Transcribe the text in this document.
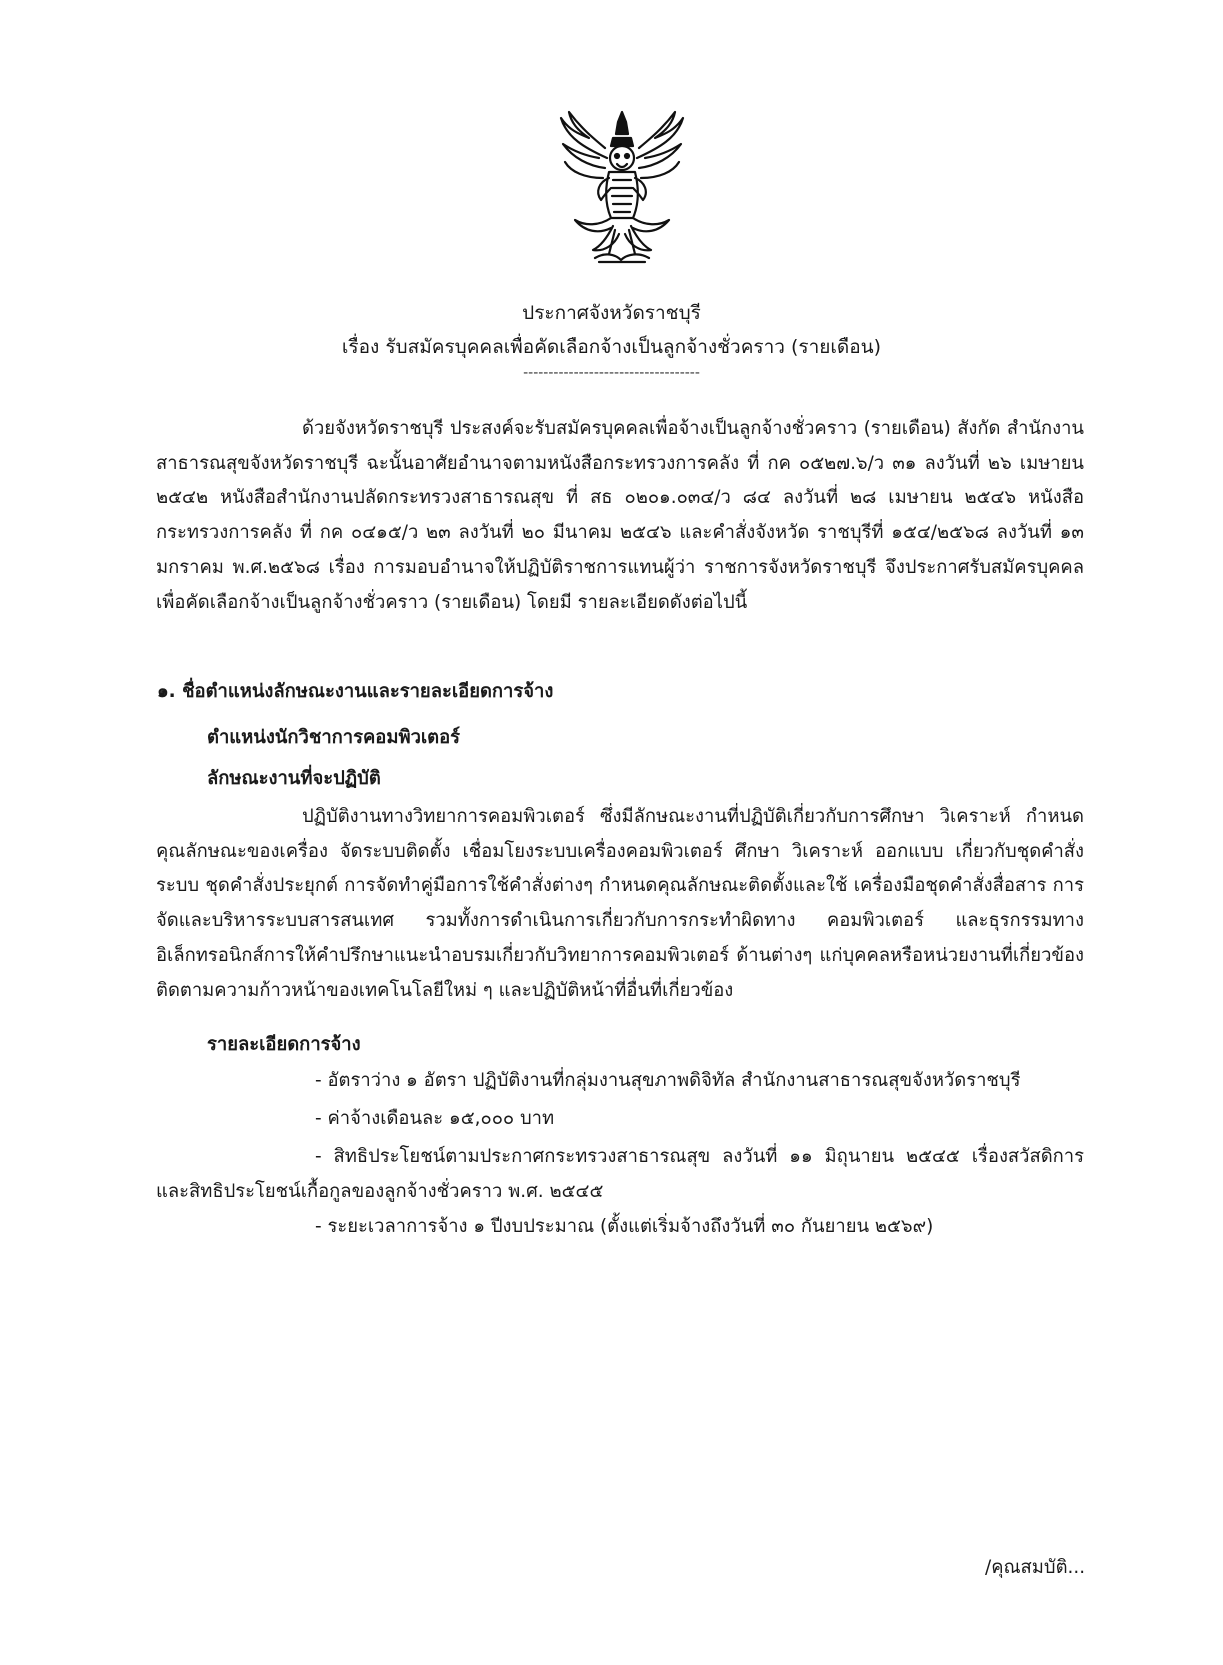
ประกาศจังหวัดราชบุรี
เรื่อง รับสมัครบุคคลเพื่อคัดเลือกจ้างเป็นลูกจ้างชั่วคราว (รายเดือน)
-----------------------------------

ด้วยจังหวัดราชบุรี ประสงค์จะรับสมัครบุคคลเพื่อจ้างเป็นลูกจ้างชั่วคราว (รายเดือน) สังกัด สำนักงานสาธารณสุขจังหวัดราชบุรี ฉะนั้นอาศัยอำนาจตามหนังสือกระทรวงการคลัง ที่ กค ๐๕๒๗.๖/ว ๓๑ ลงวันที่ ๒๖ เมษายน ๒๕๔๒ หนังสือสำนักงานปลัดกระทรวงสาธารณสุข ที่ สธ ๐๒๐๑.๐๓๔/ว ๘๔ ลงวันที่ ๒๘ เมษายน ๒๕๔๖ หนังสือกระทรวงการคลัง ที่ กค ๐๔๑๕/ว ๒๓ ลงวันที่ ๒๐ มีนาคม ๒๕๔๖ และคำสั่งจังหวัด ราชบุรีที่ ๑๕๔/๒๕๖๘ ลงวันที่ ๑๓ มกราคม พ.ศ.๒๕๖๘ เรื่อง การมอบอำนาจให้ปฏิบัติราชการแทนผู้ว่า ราชการจังหวัดราชบุรี จึงประกาศรับสมัครบุคคลเพื่อคัดเลือกจ้างเป็นลูกจ้างชั่วคราว (รายเดือน) โดยมี รายละเอียดดังต่อไปนี้

๑. ชื่อตำแหน่งลักษณะงานและรายละเอียดการจ้าง
ตำแหน่งนักวิชาการคอมพิวเตอร์
ลักษณะงานที่จะปฏิบัติ

ปฏิบัติงานทางวิทยาการคอมพิวเตอร์ ซึ่งมีลักษณะงานที่ปฏิบัติเกี่ยวกับการศึกษา วิเคราะห์ กำหนดคุณลักษณะของเครื่อง จัดระบบติดตั้ง เชื่อมโยงระบบเครื่องคอมพิวเตอร์ ศึกษา วิเคราะห์ ออกแบบ เกี่ยวกับชุดคำสั่งระบบ ชุดคำสั่งประยุกต์ การจัดทำคู่มือการใช้คำสั่งต่างๆ กำหนดคุณลักษณะติดตั้งและใช้ เครื่องมือชุดคำสั่งสื่อสาร การจัดและบริหารระบบสารสนเทศ รวมทั้งการดำเนินการเกี่ยวกับการกระทำผิดทาง คอมพิวเตอร์ และธุรกรรมทางอิเล็กทรอนิกส์การให้คำปรึกษาแนะนำอบรมเกี่ยวกับวิทยาการคอมพิวเตอร์ ด้านต่างๆ แก่บุคคลหรือหน่วยงานที่เกี่ยวข้อง ติดตามความก้าวหน้าของเทคโนโลยีใหม่ ๆ และปฏิบัติหน้าที่อื่นที่เกี่ยวข้อง

รายละเอียดการจ้าง

- อัตราว่าง ๑ อัตรา ปฏิบัติงานที่กลุ่มงานสุขภาพดิจิทัล สำนักงานสาธารณสุขจังหวัดราชบุรี

- ค่าจ้างเดือนละ ๑๕,๐๐๐ บาท

- สิทธิประโยชน์ตามประกาศกระทรวงสาธารณสุข ลงวันที่ ๑๑ มิถุนายน ๒๕๔๕ เรื่องสวัสดิการ และสิทธิประโยชน์เกื้อกูลของลูกจ้างชั่วคราว พ.ศ. ๒๕๔๕

- ระยะเวลาการจ้าง ๑ ปีงบประมาณ (ตั้งแต่เริ่มจ้างถึงวันที่ ๓๐ กันยายน ๒๕๖๙)

/คุณสมบัติ...
